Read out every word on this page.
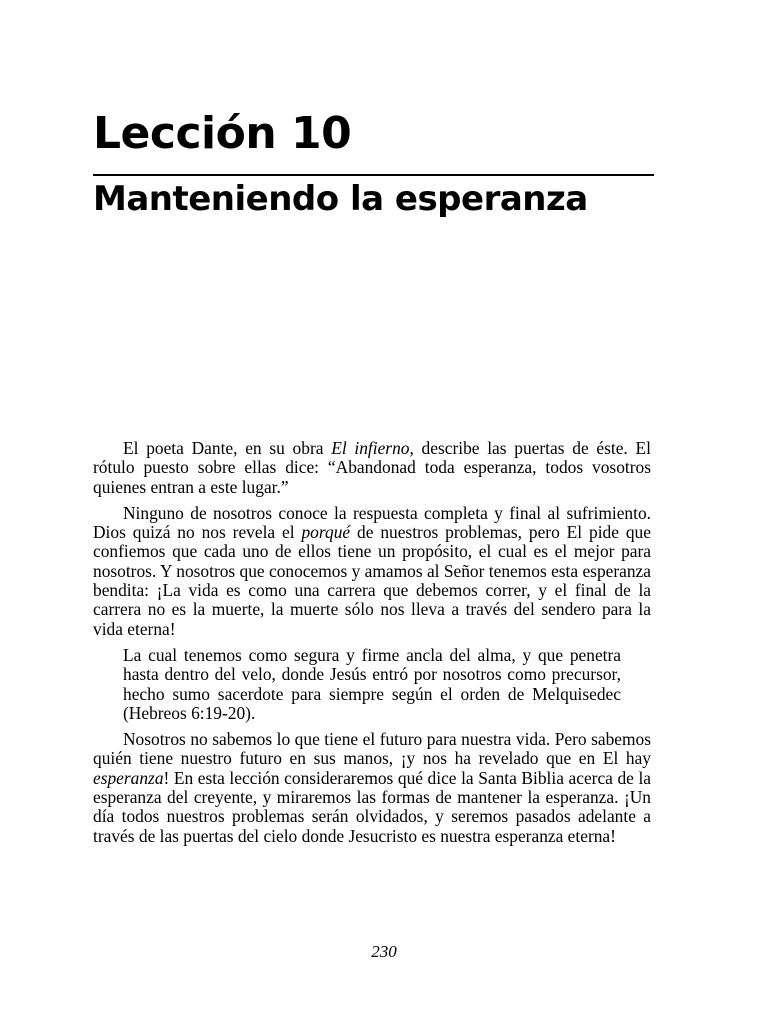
Lección 10
Manteniendo la esperanza

El poeta Dante, en su obra El infierno, describe las puertas de éste. El rótulo puesto sobre ellas dice: “Abandonad toda esperanza, todos vosotros quienes entran a este lugar.”

Ninguno de nosotros conoce la respuesta completa y final al sufrimiento. Dios quizá no nos revela el porqué de nuestros problemas, pero El pide que confiemos que cada uno de ellos tiene un propósito, el cual es el mejor para nosotros. Y nosotros que conocemos y amamos al Señor tenemos esta esperanza bendita: ¡La vida es como una carrera que debemos correr, y el final de la carrera no es la muerte, la muerte sólo nos lleva a través del sendero para la vida eterna!

La cual tenemos como segura y firme ancla del alma, y que penetra hasta dentro del velo, donde Jesús entró por nosotros como precursor, hecho sumo sacerdote para siempre según el orden de Melquisedec (Hebreos 6:19-20).

Nosotros no sabemos lo que tiene el futuro para nuestra vida. Pero sabemos quién tiene nuestro futuro en sus manos, ¡y nos ha revelado que en El hay esperanza! En esta lección consideraremos qué dice la Santa Biblia acerca de la esperanza del creyente, y miraremos las formas de mantener la esperanza. ¡Un día todos nuestros problemas serán olvidados, y seremos pasados adelante a través de las puertas del cielo donde Jesucristo es nuestra esperanza eterna!

230
